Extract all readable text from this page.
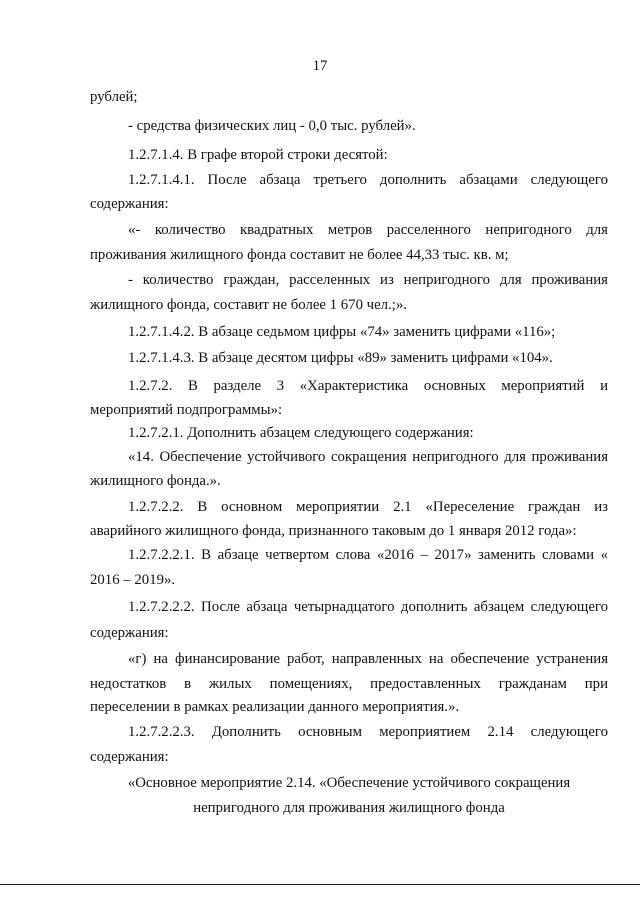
17
рублей;
- средства физических лиц - 0,0 тыс. рублей».
1.2.7.1.4. В графе второй строки десятой:
1.2.7.1.4.1. После абзаца третьего дополнить абзацами следующего
содержания:
«- количество квадратных метров расселенного непригодного для
проживания жилищного фонда составит не более 44,33 тыс. кв. м;
- количество граждан, расселенных из непригодного для проживания
жилищного фонда, составит не более 1 670 чел.;».
1.2.7.1.4.2. В абзаце седьмом цифры «74» заменить цифрами «116»;
1.2.7.1.4.3. В абзаце десятом цифры «89» заменить цифрами «104».
1.2.7.2. В разделе 3 «Характеристика основных мероприятий и
мероприятий подпрограммы»:
1.2.7.2.1. Дополнить абзацем следующего содержания:
«14. Обеспечение устойчивого сокращения непригодного для проживания
жилищного фонда.».
1.2.7.2.2. В основном мероприятии 2.1 «Переселение граждан из
аварийного жилищного фонда, признанного таковым до 1 января 2012 года»:
1.2.7.2.2.1. В абзаце четвертом слова «2016 – 2017» заменить словами «
2016 – 2019».
1.2.7.2.2.2. После абзаца четырнадцатого дополнить абзацем следующего
содержания:
«г) на финансирование работ, направленных на обеспечение устранения
недостатков в жилых помещениях, предоставленных гражданам при
переселении в рамках реализации данного мероприятия.».
1.2.7.2.2.3. Дополнить основным мероприятием 2.14 следующего
содержания:
«Основное мероприятие 2.14. «Обеспечение устойчивого сокращения
непригодного для проживания жилищного фонда
